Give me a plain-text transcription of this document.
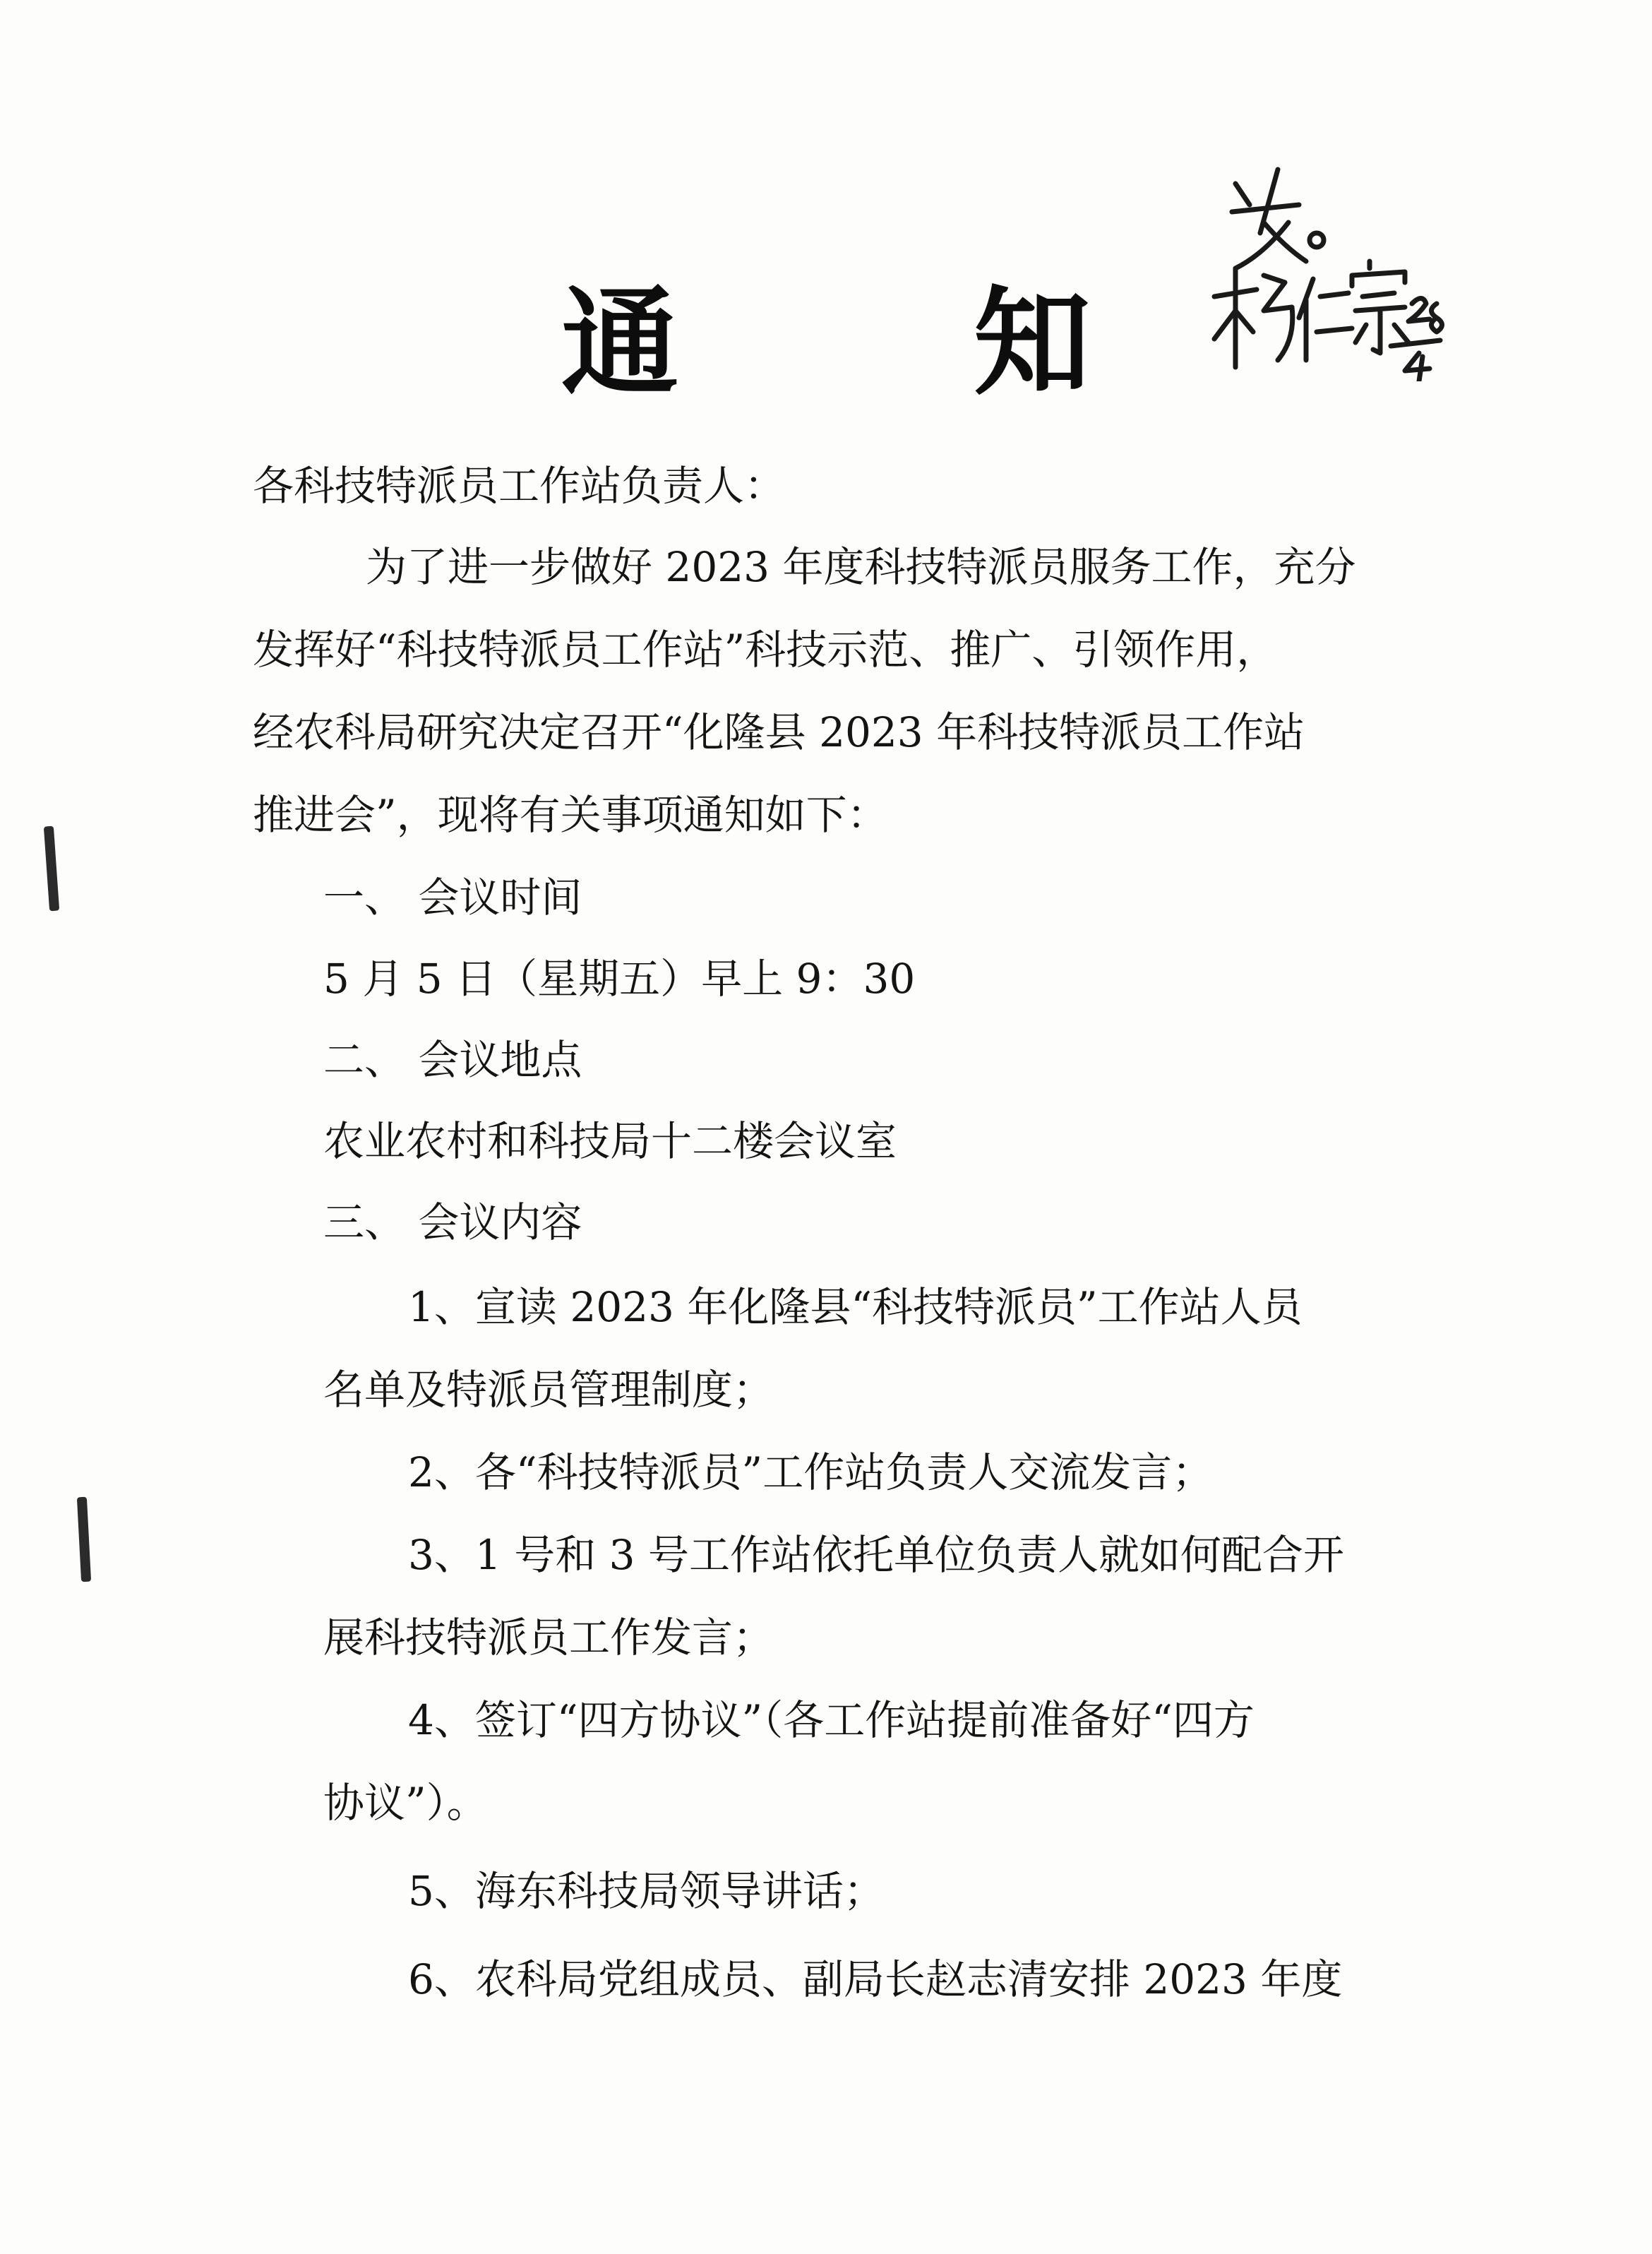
通 知
各科技特派员工作站负责人：
为了进一步做好 2023 年度科技特派员服务工作，充分
发挥好“科技特派员工作站”科技示范、推广、引领作用，
经农科局研究决定召开“化隆县 2023 年科技特派员工作站
推进会”，现将有关事项通知如下：
一、 会议时间
5 月 5 日（星期五）早上 9：30
二、 会议地点
农业农村和科技局十二楼会议室
三、 会议内容
1、宣读 2023 年化隆县“科技特派员”工作站人员
名单及特派员管理制度；
2、各“科技特派员”工作站负责人交流发言；
3、1 号和 3 号工作站依托单位负责人就如何配合开
展科技特派员工作发言；
4、签订“四方协议”（各工作站提前准备好“四方
协议”）。
5、海东科技局领导讲话；
6、农科局党组成员、副局长赵志清安排 2023 年度
